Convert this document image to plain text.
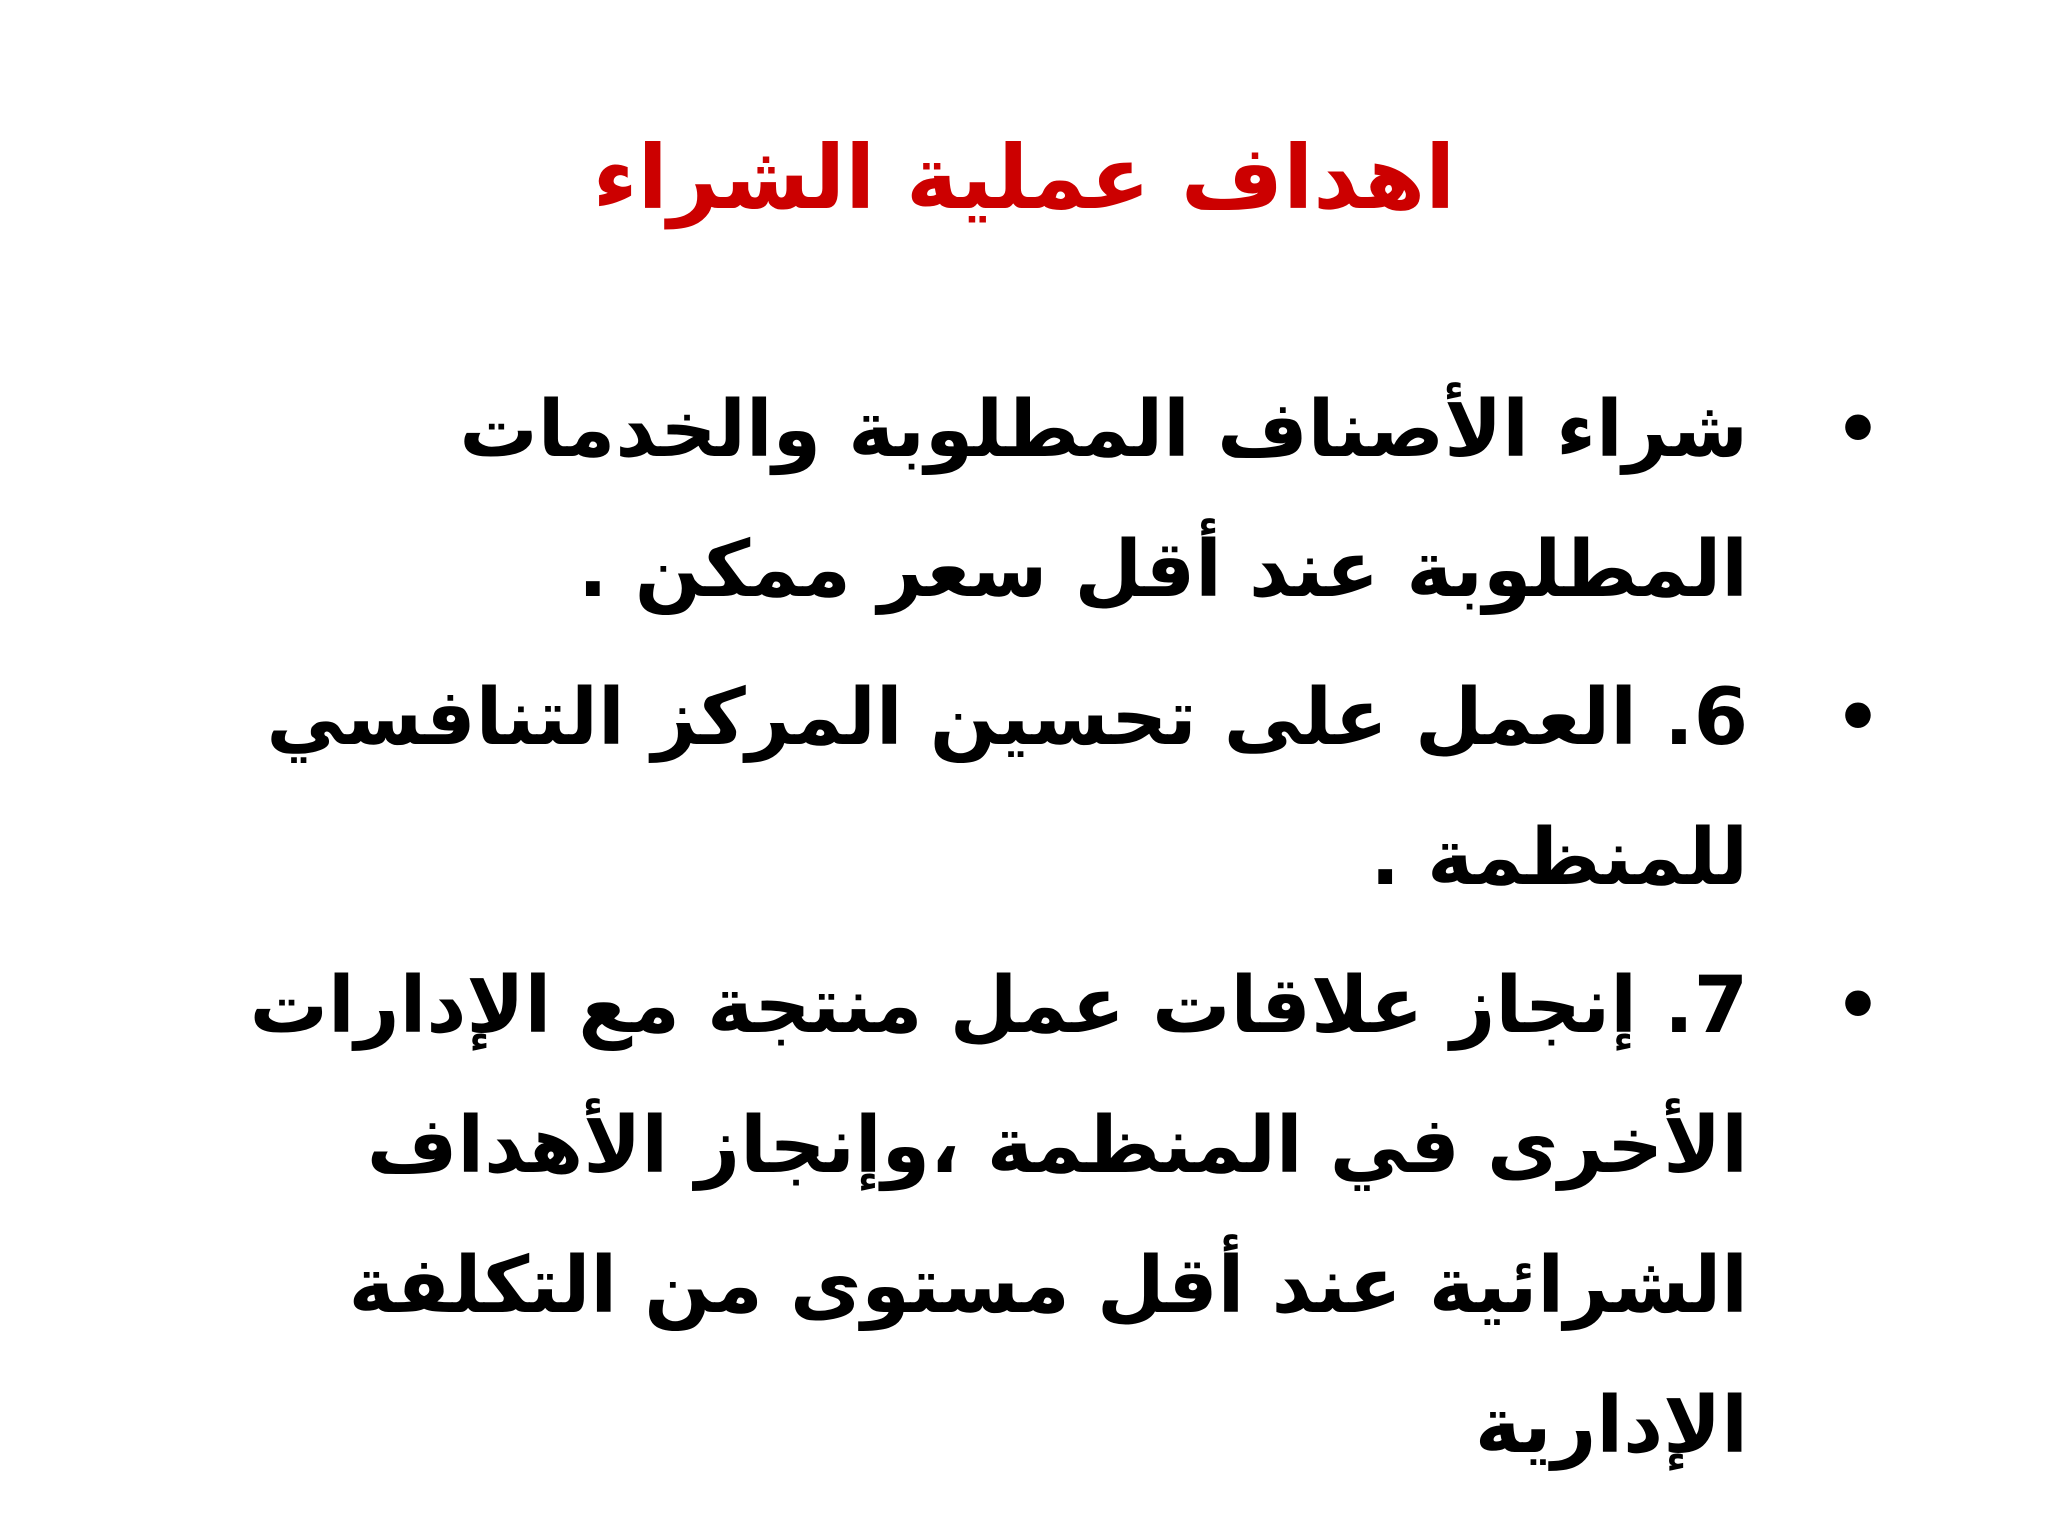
اهداف عملية الشراء
•
شراء الأصناف المطلوبة والخدمات المطلوبة عند أقل سعر ممكن .
•
6. العمل على تحسين المركز التنافسي للمنظمة .
•
7. إنجاز علاقات عمل منتجة مع الإدارات الأخرى في المنظمة ،وإنجاز الأهداف الشرائية عند أقل مستوى من التكلفة الإدارية
